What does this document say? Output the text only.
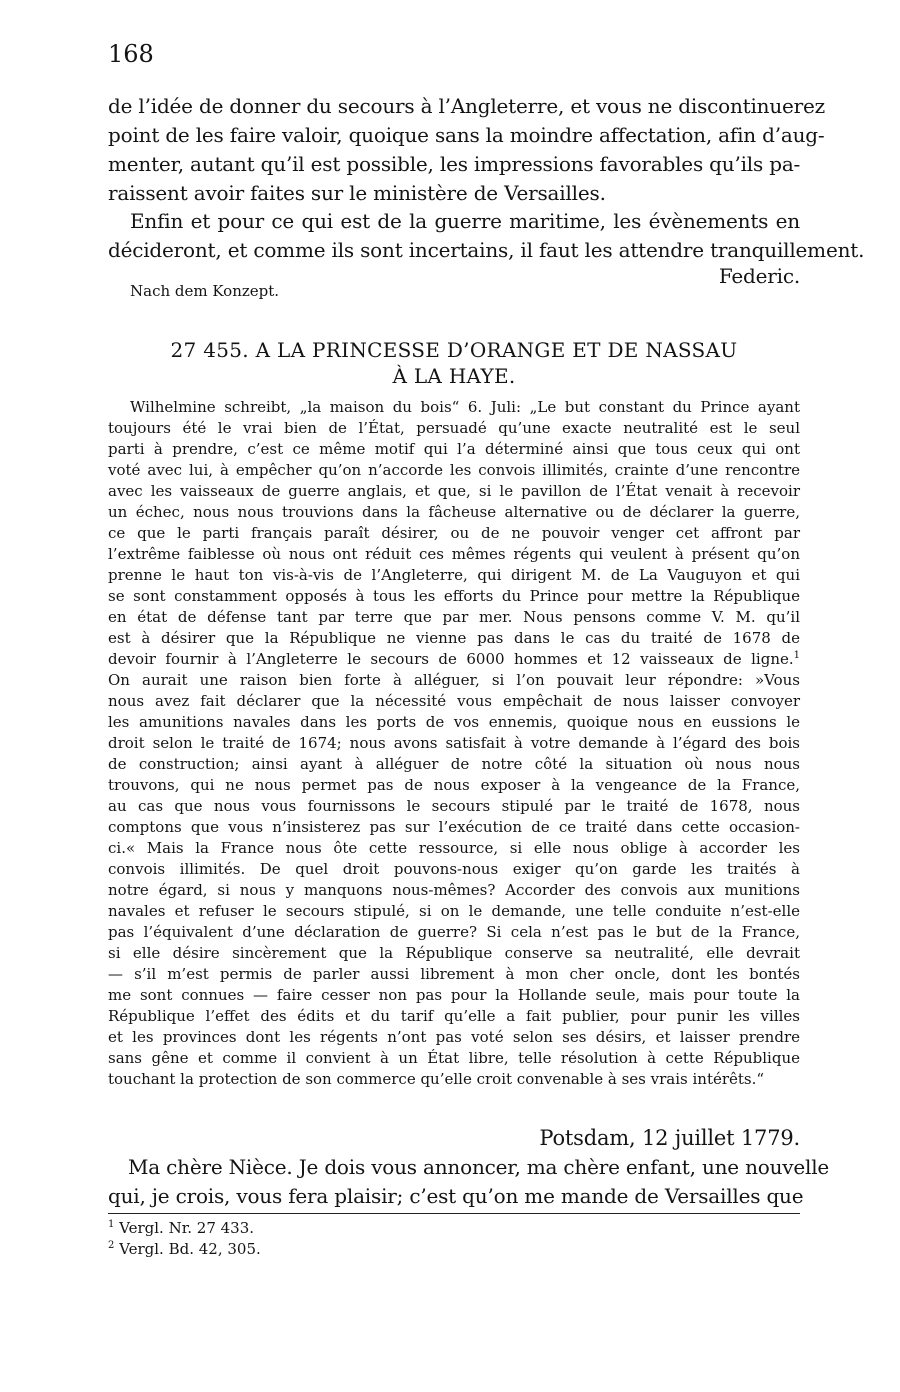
168

de l’idée de donner du secours à l’Angleterre, et vous ne discontinuerez

point de les faire valoir, quoique sans la moindre affectation, afin d’aug-

menter, autant qu’il est possible, les impressions favorables qu’ils pa-

raissent avoir faites sur le ministère de Versailles.

Enfin et pour ce qui est de la guerre maritime, les évènements en

décideront, et comme ils sont incertains, il faut les attendre tranquillement.

Federic.

Nach dem Konzept.
27 455. A LA PRINCESSE D’ORANGE ET DE NASSAU
À LA HAYE.

Wilhelmine schreibt, „la maison du bois“ 6. Juli: „Le but constant du Prince ayant

toujours été le vrai bien de l’État, persuadé qu’une exacte neutralité est le seul

parti à prendre, c’est ce même motif qui l’a déterminé ainsi que tous ceux qui ont

voté avec lui, à empêcher qu’on n’accorde les convois illimités, crainte d’une rencontre

avec les vaisseaux de guerre anglais, et que, si le pavillon de l’État venait à recevoir

un échec, nous nous trouvions dans la fâcheuse alternative ou de déclarer la guerre,

ce que le parti français paraît désirer, ou de ne pouvoir venger cet affront par

l’extrême faiblesse où nous ont réduit ces mêmes régents qui veulent à présent qu’on

prenne le haut ton vis-à-vis de l’Angleterre, qui dirigent M. de La Vauguyon et qui

se sont constamment opposés à tous les efforts du Prince pour mettre la République

en état de défense tant par terre que par mer. Nous pensons comme V. M. qu’il

est à désirer que la République ne vienne pas dans le cas du traité de 1678 de

devoir fournir à l’Angleterre le secours de 6000 hommes et 12 vaisseaux de ligne.$^1$

On aurait une raison bien forte à alléguer, si l’on pouvait leur répondre: »Vous

nous avez fait déclarer que la nécessité vous empêchait de nous laisser convoyer

les amunitions navales dans les ports de vos ennemis, quoique nous en eussions le

droit selon le traité de 1674; nous avons satisfait à votre demande à l’égard des bois

de construction; ainsi ayant à alléguer de notre côté la situation où nous nous

trouvons, qui ne nous permet pas de nous exposer à la vengeance de la France,

au cas que nous vous fournissons le secours stipulé par le traité de 1678, nous

comptons que vous n’insisterez pas sur l’exécution de ce traité dans cette occasion-

ci.« Mais la France nous ôte cette ressource, si elle nous oblige à accorder les

convois illimités. De quel droit pouvons-nous exiger qu’on garde les traités à

notre égard, si nous y manquons nous-mêmes? Accorder des convois aux munitions

navales et refuser le secours stipulé, si on le demande, une telle conduite n’est-elle

pas l’équivalent d’une déclaration de guerre? Si cela n’est pas le but de la France,

si elle désire sincèrement que la République conserve sa neutralité, elle devrait

— s’il m’est permis de parler aussi librement à mon cher oncle, dont les bontés

me sont connues — faire cesser non pas pour la Hollande seule, mais pour toute la

République l’effet des édits et du tarif qu’elle a fait publier, pour punir les villes

et les provinces dont les régents n’ont pas voté selon ses désirs, et laisser prendre

sans gêne et comme il convient à un État libre, telle résolution à cette République

touchant la protection de son commerce qu’elle croit convenable à ses vrais intérêts.“

Potsdam, 12 juillet 1779.

Ma chère Nièce. Je dois vous annoncer, ma chère enfant, une nouvelle

qui, je crois, vous fera plaisir; c’est qu’on me mande de Versailles que

$^1$ Vergl. Nr. 27 433.
$^2$ Vergl. Bd. 42, 305.
